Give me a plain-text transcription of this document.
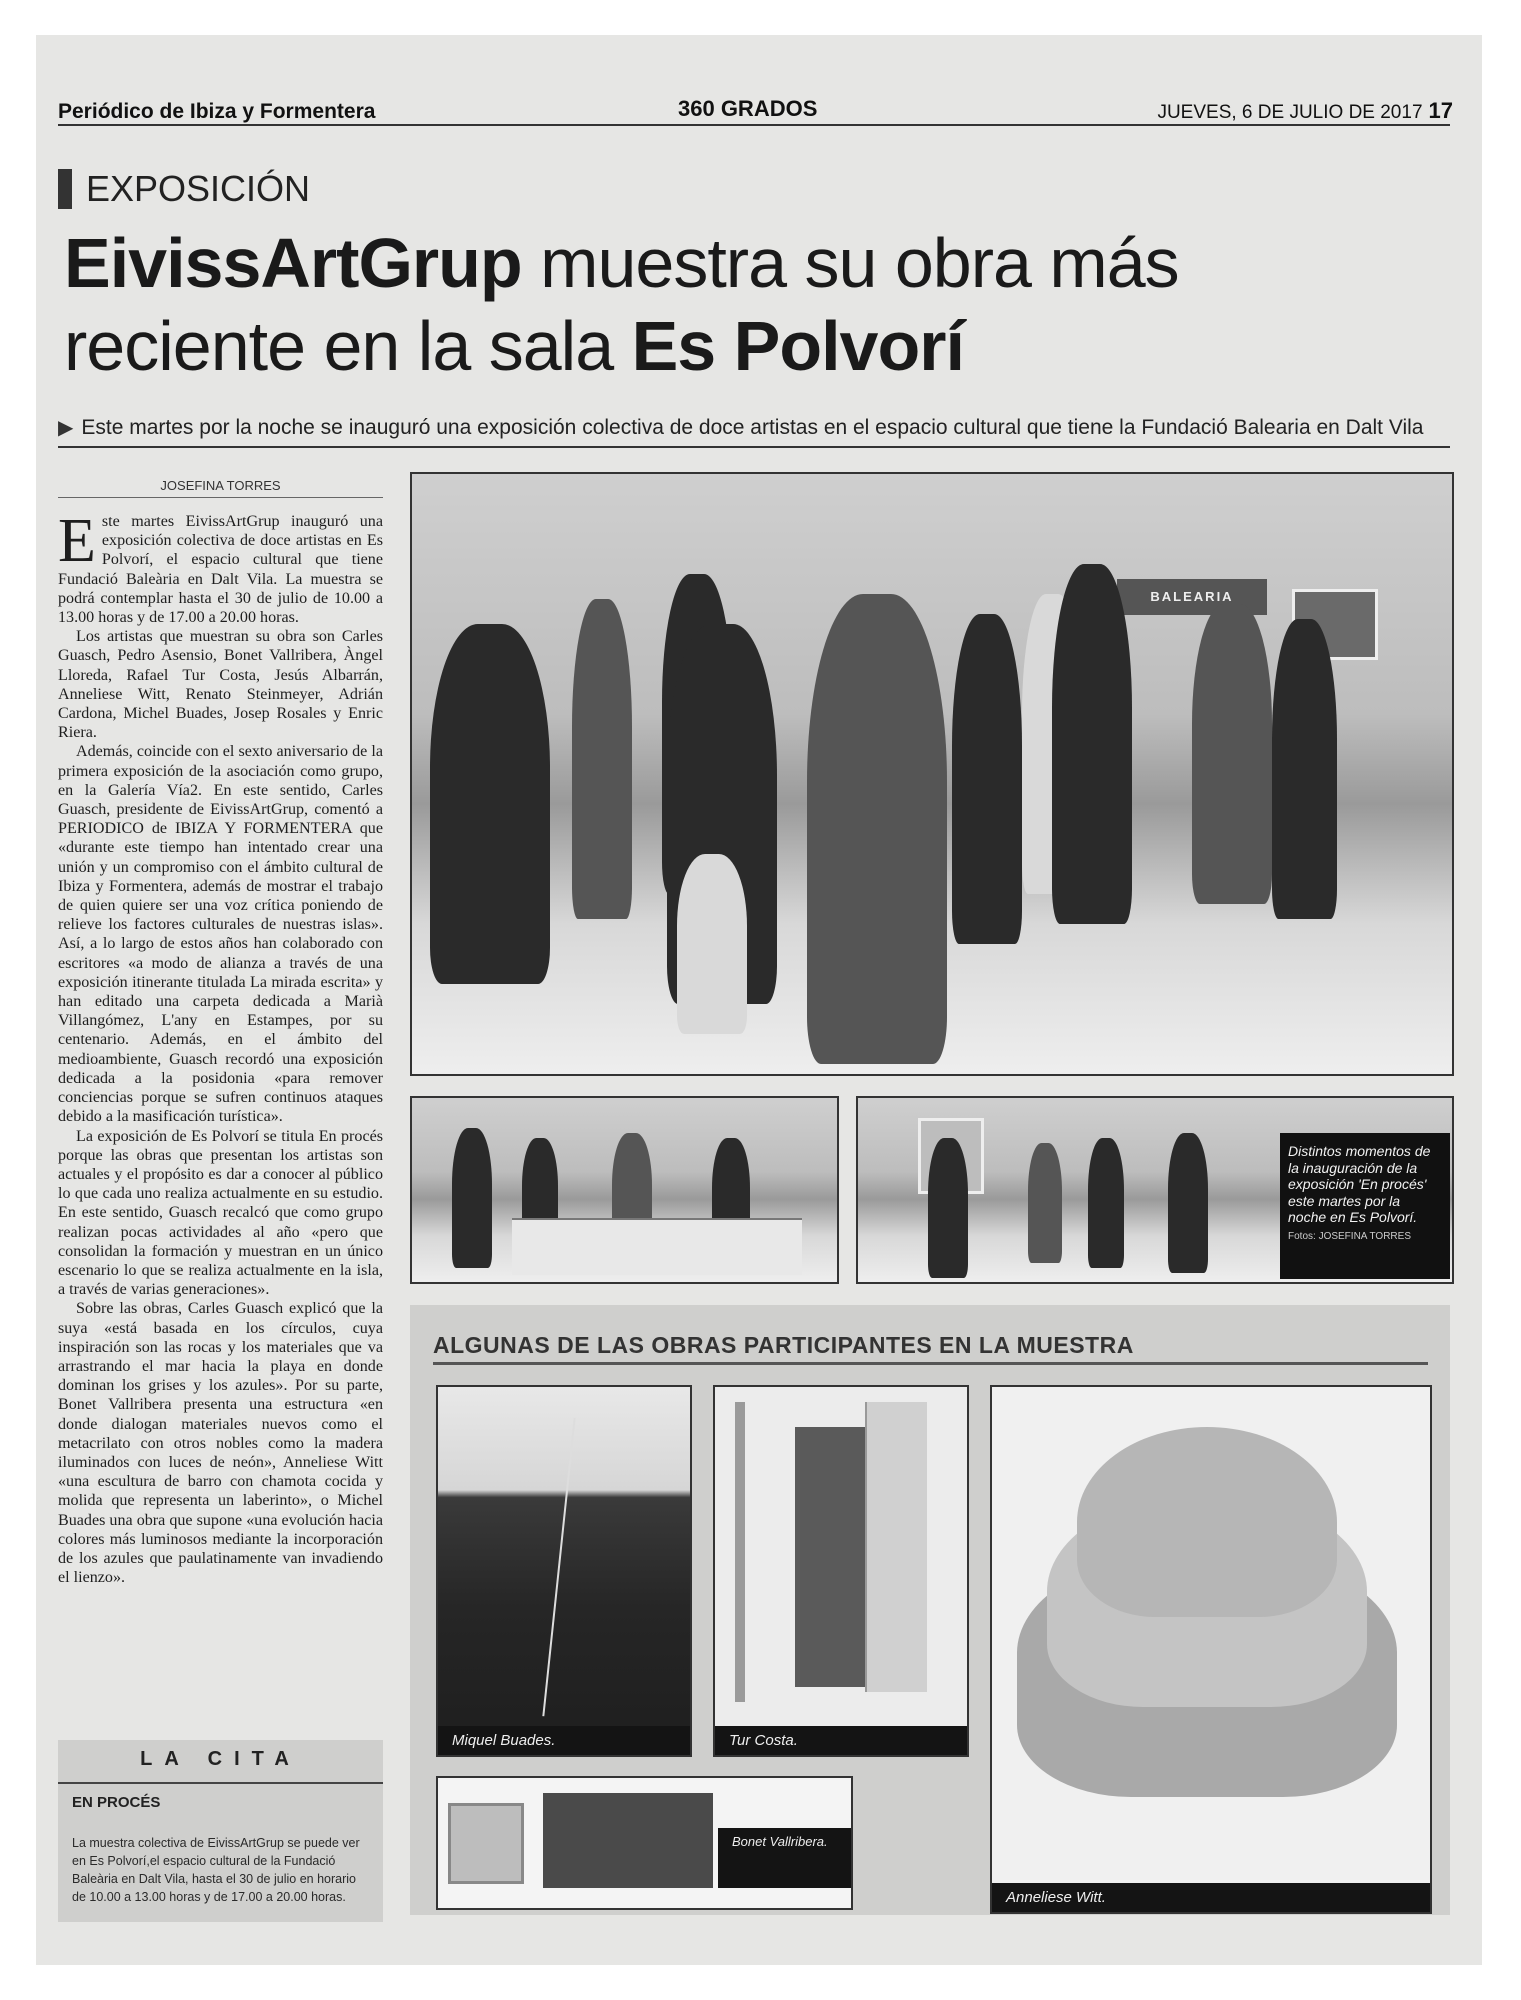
Periódico de Ibiza y Formentera	360 GRADOS	JUEVES, 6 DE JULIO DE 2017 17
EXPOSICIÓN
EivissArtGrup muestra su obra más
reciente en la sala Es Polvorí
▶ Este martes por la noche se inauguró una exposición colectiva de doce artistas en el espacio cultural que tiene la Fundació Balearia en Dalt Vila
JOSEFINA TORRES

Este martes EivissArtGrup inauguró una exposición colectiva de doce artistas en Es Polvorí, el espacio cultural que tiene Fundació Baleària en Dalt Vila. La muestra se podrá contemplar hasta el 30 de julio de 10.00 a 13.00 horas y de 17.00 a 20.00 horas.

Los artistas que muestran su obra son Carles Guasch, Pedro Asensio, Bonet Vallribera, Àngel Lloreda, Rafael Tur Costa, Jesús Albarrán, Anneliese Witt, Renato Steinmeyer, Adrián Cardona, Michel Buades, Josep Rosales y Enric Riera.

Además, coincide con el sexto aniversario de la primera exposición de la asociación como grupo, en la Galería Vía2. En este sentido, Carles Guasch, presidente de EivissArtGrup, comentó a PERIODICO de IBIZA Y FORMENTERA que «durante este tiempo han intentado crear una unión y un compromiso con el ámbito cultural de Ibiza y Formentera, además de mostrar el trabajo de quien quiere ser una voz crítica poniendo de relieve los factores culturales de nuestras islas». Así, a lo largo de estos años han colaborado con escritores «a modo de alianza a través de una exposición itinerante titulada La mirada escrita» y han editado una carpeta dedicada a Marià Villangómez, L'any en Estampes, por su centenario. Además, en el ámbito del medioambiente, Guasch recordó una exposición dedicada a la posidonia «para remover conciencias porque se sufren continuos ataques debido a la masificación turística».

La exposición de Es Polvorí se titula En procés porque las obras que presentan los artistas son actuales y el propósito es dar a conocer al público lo que cada uno realiza actualmente en su estudio. En este sentido, Guasch recalcó que como grupo realizan pocas actividades al año «pero que consolidan la formación y muestran en un único escenario lo que se realiza actualmente en la isla, a través de varias generaciones».

Sobre las obras, Carles Guasch explicó que la suya «está basada en los círculos, cuya inspiración son las rocas y los materiales que va arrastrando el mar hacia la playa en donde dominan los grises y los azules». Por su parte, Bonet Vallribera presenta una estructura «en donde dialogan materiales nuevos como el metacrilato con otros nobles como la madera iluminados con luces de neón», Anneliese Witt «una escultura de barro con chamota cocida y molida que representa un laberinto», o Michel Buades una obra que supone «una evolución hacia colores más luminosos mediante la incorporación de los azules que paulatinamente van invadiendo el lienzo».

BALEARIA
Distintos momentos de la inauguración de la exposición 'En procés' este martes por la noche en Es Polvorí. Fotos: JOSEFINA TORRES
ALGUNAS DE LAS OBRAS PARTICIPANTES EN LA MUESTRA
Miquel Buades.	Tur Costa.
Anneliese Witt.
Bonet Vallribera.
LA CITA
EN PROCÉS
La muestra colectiva de EivissArtGrup se puede ver en Es Polvorí,el espacio cultural de la Fundació Baleària en Dalt Vila, hasta el 30 de julio en horario de 10.00 a 13.00 horas y de 17.00 a 20.00 horas.
